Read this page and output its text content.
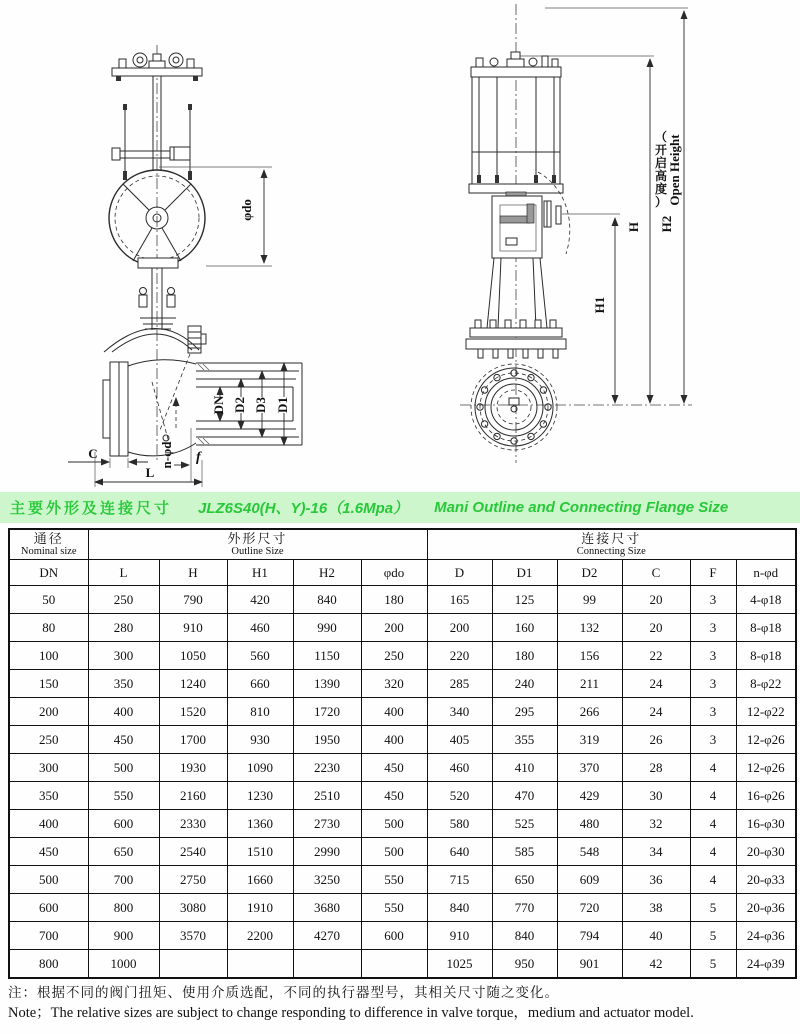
φdo
DN D3
D2 D1
C
L
n-φd f
H1
H H2
Open Height
（开启高度）
主要外形及连接尺寸 JLZ6S40(H、Y)-16（1.6Mpa） Mani Outline and Connecting Flange Size
通径
Nominal size

外形尺寸
Outline Size

连接尺寸
Connecting Size

DN	L	H	H1	H2	φdo	D	D1	D2	C	F	n-φd
50	250	790	420	840	180	165	125	99	20	3	4-φ18
80	280	910	460	990	200	200	160	132	20	3	8-φ18
100	300	1050	560	1150	250	220	180	156	22	3	8-φ18
150	350	1240	660	1390	320	285	240	211	24	3	8-φ22
200	400	1520	810	1720	400	340	295	266	24	3	12-φ22
250	450	1700	930	1950	400	405	355	319	26	3	12-φ26
300	500	1930	1090	2230	450	460	410	370	28	4	12-φ26
350	550	2160	1230	2510	450	520	470	429	30	4	16-φ26
400	600	2330	1360	2730	500	580	525	480	32	4	16-φ30
450	650	2540	1510	2990	500	640	585	548	34	4	20-φ30
500	700	2750	1660	3250	550	715	650	609	36	4	20-φ33
600	800	3080	1910	3680	550	840	770	720	38	5	20-φ36
700	900	3570	2200	4270	600	910	840	794	40	5	24-φ36
800	1000					1025	950	901	42	5	24-φ39
注：根据不同的阀门扭矩、使用介质选配，不同的执行器型号，其相关尺寸随之变化。
Note；The relative sizes are subject to change responding to difference in valve torque，medium and actuator model.
